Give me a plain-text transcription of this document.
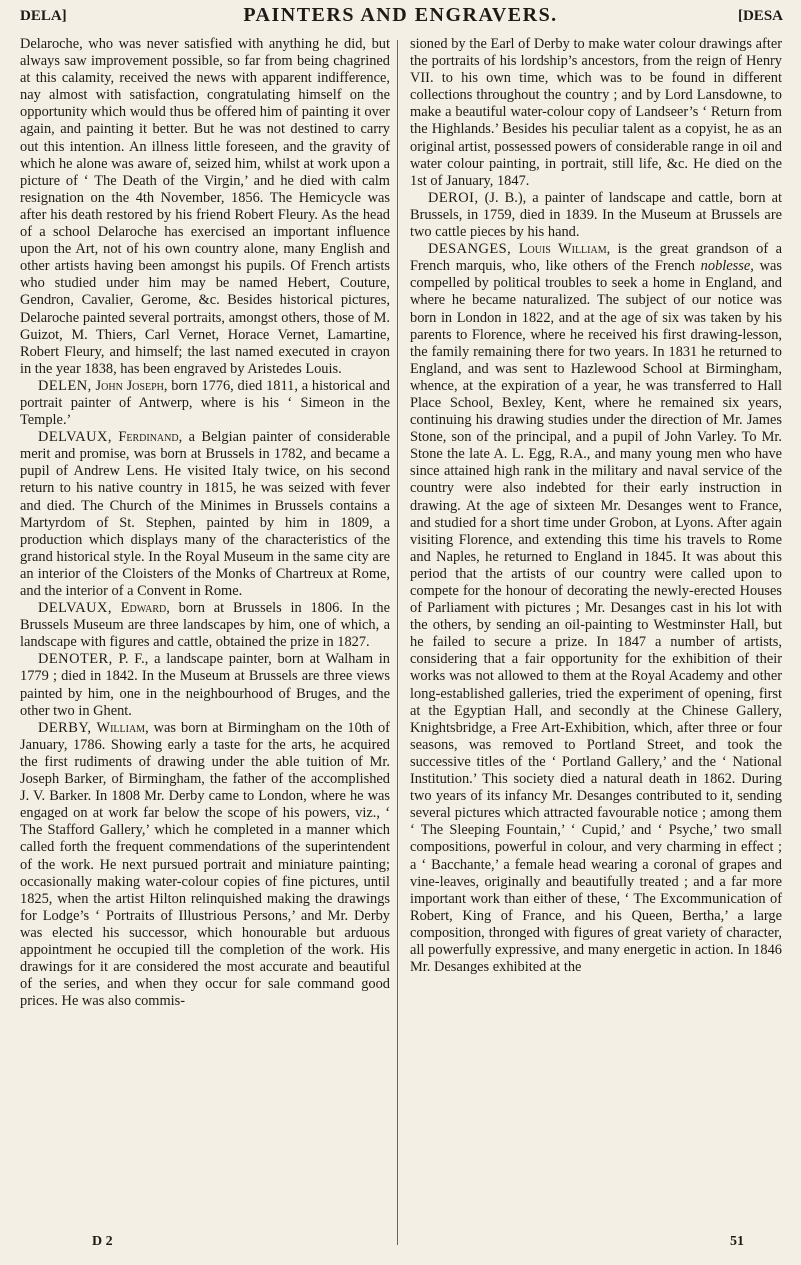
DELA]	PAINTERS AND ENGRAVERS.	[DESA

Delaroche, who was never satisfied with anything he did, but always saw improvement possible, so far from being chagrined at this calamity, received the news with apparent indifference, nay almost with satisfaction, congratulating himself on the opportunity which would thus be offered him of painting it over again, and painting it better. But he was not destined to carry out this intention. An illness little foreseen, and the gravity of which he alone was aware of, seized him, whilst at work upon a picture of ‘ The Death of the Virgin,’ and he died with calm resignation on the 4th November, 1856. The Hemicycle was after his death restored by his friend Robert Fleury. As the head of a school Delaroche has exercised an important influence upon the Art, not of his own country alone, many English and other artists having been amongst his pupils. Of French artists who studied under him may be named Hebert, Couture, Gendron, Cavalier, Gerome, &c. Besides historical pictures, Delaroche painted several portraits, amongst others, those of M. Guizot, M. Thiers, Carl Vernet, Horace Vernet, Lamartine, Robert Fleury, and himself; the last named executed in crayon in the year 1838, has been engraved by Aristedes Louis.

DELEN, John Joseph, born 1776, died 1811, a historical and portrait painter of Antwerp, where is his ‘ Simeon in the Temple.’

DELVAUX, Ferdinand, a Belgian painter of considerable merit and promise, was born at Brussels in 1782, and became a pupil of Andrew Lens. He visited Italy twice, on his second return to his native country in 1815, he was seized with fever and died. The Church of the Minimes in Brussels contains a Martyrdom of St. Stephen, painted by him in 1809, a production which displays many of the characteristics of the grand historical style. In the Royal Museum in the same city are an interior of the Cloisters of the Monks of Chartreux at Rome, and the interior of a Convent in Rome.

DELVAUX, Edward, born at Brussels in 1806. In the Brussels Museum are three landscapes by him, one of which, a landscape with figures and cattle, obtained the prize in 1827.

DENOTER, P. F., a landscape painter, born at Walham in 1779 ; died in 1842. In the Museum at Brussels are three views painted by him, one in the neighbourhood of Bruges, and the other two in Ghent.

DERBY, William, was born at Birmingham on the 10th of January, 1786. Showing early a taste for the arts, he acquired the first rudiments of drawing under the able tuition of Mr. Joseph Barker, of Birmingham, the father of the accomplished J. V. Barker. In 1808 Mr. Derby came to London, where he was engaged on at work far below the scope of his powers, viz., ‘ The Stafford Gallery,’ which he completed in a manner which called forth the frequent commendations of the superintendent of the work. He next pursued portrait and miniature painting; occasionally making water-colour copies of fine pictures, until 1825, when the artist Hilton relinquished making the drawings for Lodge’s ‘ Portraits of Illustrious Persons,’ and Mr. Derby was elected his successor, which honourable but arduous appointment he occupied till the completion of the work. His drawings for it are considered the most accurate and beautiful of the series, and when they occur for sale command good prices. He was also commis-

sioned by the Earl of Derby to make water colour drawings after the portraits of his lordship’s ancestors, from the reign of Henry VII. to his own time, which was to be found in different collections throughout the country ; and by Lord Lansdowne, to make a beautiful water-colour copy of Landseer’s ‘ Return from the Highlands.’ Besides his peculiar talent as a copyist, he as an original artist, possessed powers of considerable range in oil and water colour painting, in portrait, still life, &c. He died on the 1st of January, 1847.

DEROI, (J. B.), a painter of landscape and cattle, born at Brussels, in 1759, died in 1839. In the Museum at Brussels are two cattle pieces by his hand.

DESANGES, Louis William, is the great grandson of a French marquis, who, like others of the French noblesse, was compelled by political troubles to seek a home in England, and where he became naturalized. The subject of our notice was born in London in 1822, and at the age of six was taken by his parents to Florence, where he received his first drawing-lesson, the family remaining there for two years. In 1831 he returned to England, and was sent to Hazlewood School at Birmingham, whence, at the expiration of a year, he was transferred to Hall Place School, Bexley, Kent, where he remained six years, continuing his drawing studies under the direction of Mr. James Stone, son of the principal, and a pupil of John Varley. To Mr. Stone the late A. L. Egg, R.A., and many young men who have since attained high rank in the military and naval service of the country were also indebted for their early instruction in drawing. At the age of sixteen Mr. Desanges went to France, and studied for a short time under Grobon, at Lyons. After again visiting Florence, and extending this time his travels to Rome and Naples, he returned to England in 1845. It was about this period that the artists of our country were called upon to compete for the honour of decorating the newly-erected Houses of Parliament with pictures ; Mr. Desanges cast in his lot with the others, by sending an oil-painting to Westminster Hall, but he failed to secure a prize. In 1847 a number of artists, considering that a fair opportunity for the exhibition of their works was not allowed to them at the Royal Academy and other long-established galleries, tried the experiment of opening, first at the Egyptian Hall, and secondly at the Chinese Gallery, Knightsbridge, a Free Art-Exhibition, which, after three or four seasons, was removed to Portland Street, and took the successive titles of the ‘ Portland Gallery,’ and the ‘ National Institution.’ This society died a natural death in 1862. During two years of its infancy Mr. Desanges contributed to it, sending several pictures which attracted favourable notice ; among them ‘ The Sleeping Fountain,’ ‘ Cupid,’ and ‘ Psyche,’ two small compositions, powerful in colour, and very charming in effect ; a ‘ Bacchante,’ a female head wearing a coronal of grapes and vine-leaves, originally and beautifully treated ; and a far more important work than either of these, ‘ The Excommunication of Robert, King of France, and his Queen, Bertha,’ a large composition, thronged with figures of great variety of character, all powerfully expressive, and many energetic in action. In 1846 Mr. Desanges exhibited at the

D 2	51
